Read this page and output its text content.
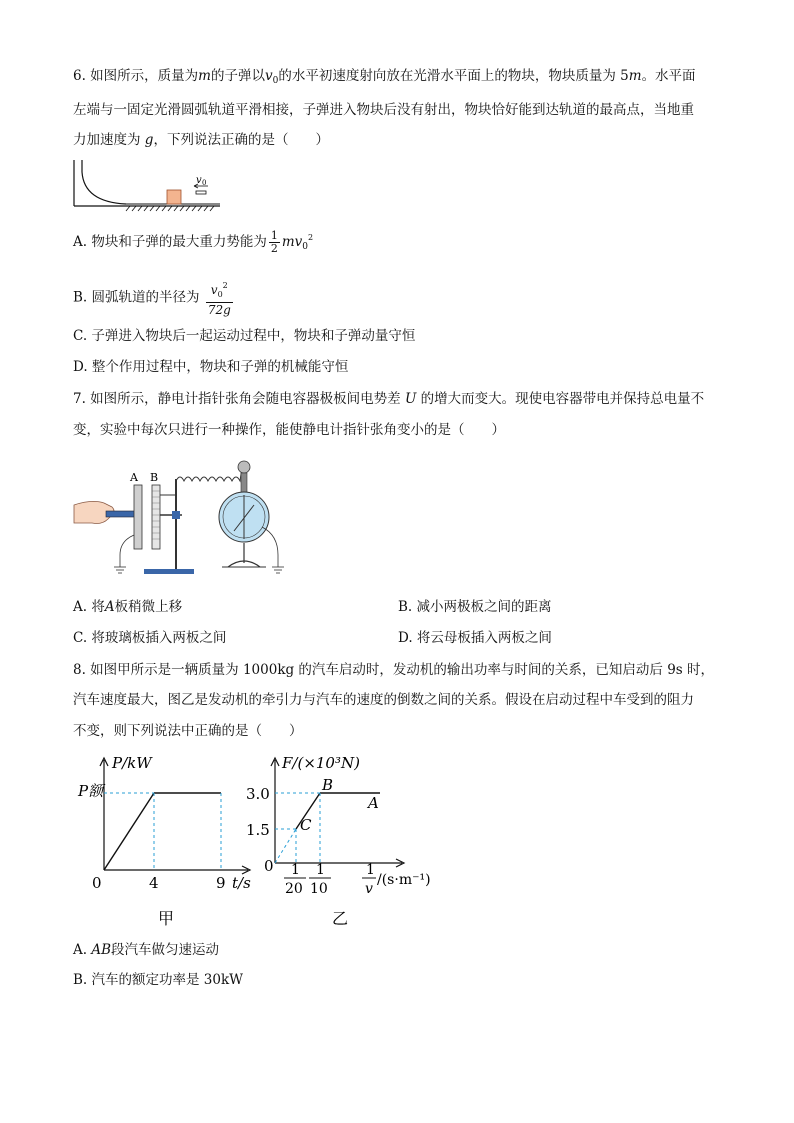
6. 如图所示，质量为m的子弹以$v_0$的水平初速度射向放在光滑水平面上的物块，物块质量为 5m。水平面
左端与一固定光滑圆弧轨道平滑相接，子弹进入物块后没有射出，物块恰好能到达轨道的最高点，当地重
力加速度为 g，下列说法正确的是（　　）
v 0
A. 物块和子弹的最大重力势能为 $\frac{1}{2} mv_0^2$
B. 圆弧轨道的半径为 $\frac{v_0^2}{72g}$
C. 子弹进入物块后一起运动过程中，物块和子弹动量守恒
D. 整个作用过程中，物块和子弹的机械能守恒
7. 如图所示，静电计指针张角会随电容器极板间电势差 U 的增大而变大。现使电容器带电并保持总电量不
变，实验中每次只进行一种操作，能使静电计指针张角变小的是（　　）
A B
A. 将A板稍微上移	B. 减小两极板之间的距离
C. 将玻璃板插入两板之间	D. 将云母板插入两板之间
8. 如图甲所示是一辆质量为 1000kg 的汽车启动时，发动机的输出功率与时间的关系，已知启动后 9s 时，
汽车速度最大，图乙是发动机的牵引力与汽车的速度的倒数之间的关系。假设在启动过程中车受到的阻力
不变，则下列说法中正确的是（　　）
P/kW
P额
0	4	9 t/s
甲
F/(×10³N)
3.0
1.5
0
B
A
C
1
20
1
10
1
v
/(s·m⁻¹)
乙
A. AB段汽车做匀速运动
B. 汽车的额定功率是 30kW
